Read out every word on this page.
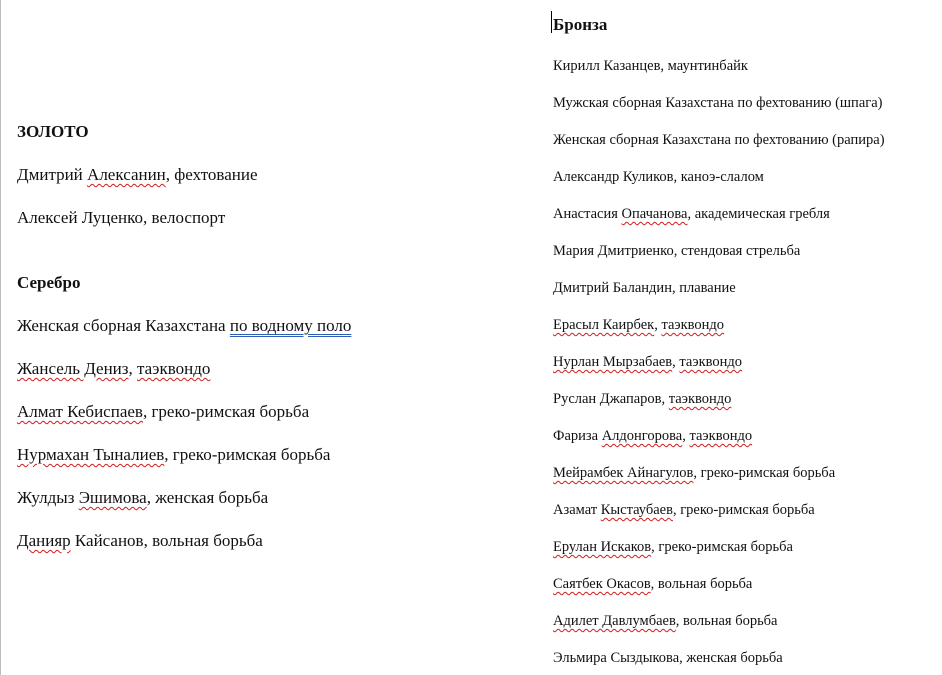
ЗОЛОТО
Дмитрий Алексанин, фехтование
Алексей Луценко, велоспорт
Серебро
Женская сборная Казахстана по водному поло
Жансель Дениз, таэквондо
Алмат Кебиспаев, греко-римская борьба
Нурмахан Тыналиев, греко-римская борьба
Жулдыз Эшимова, женская борьба
Данияр Кайсанов, вольная борьба
Бронза
Кирилл Казанцев, маунтинбайк
Мужская сборная Казахстана по фехтованию (шпага)
Женская сборная Казахстана по фехтованию (рапира)
Александр Куликов, каноэ-слалом
Анастасия Опачанова, академическая гребля
Мария Дмитриенко, стендовая стрельба
Дмитрий Баландин, плавание
Ерасыл Каирбек, таэквондо
Нурлан Мырзабаев, таэквондо
Руслан Джапаров, таэквондо
Фариза Алдонгорова, таэквондо
Мейрамбек Айнагулов, греко-римская борьба
Азамат Кыстаубаев, греко-римская борьба
Ерулан Искаков, греко-римская борьба
Саятбек Окасов, вольная борьба
Адилет Давлумбаев, вольная борьба
Эльмира Сыздыкова, женская борьба
